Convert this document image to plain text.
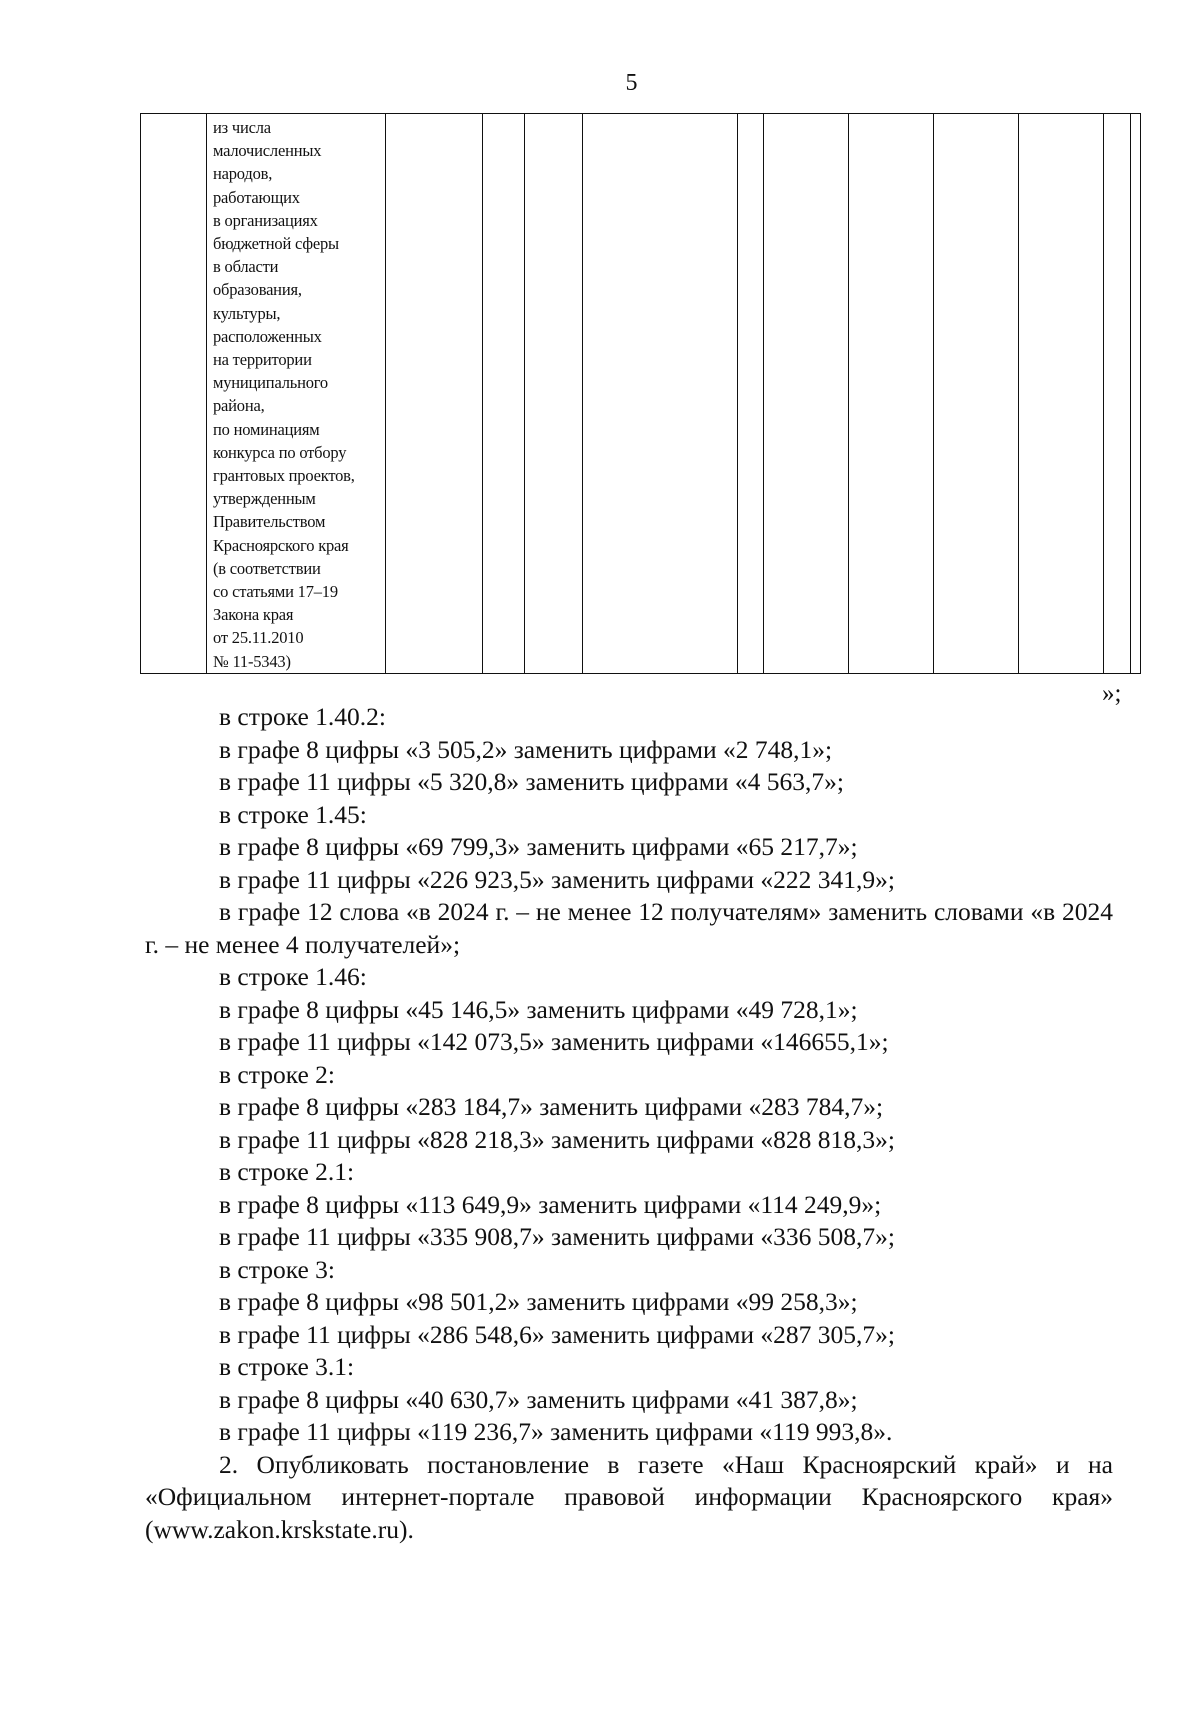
5

из числа
малочисленных
народов,
работающих
в организациях
бюджетной сферы
в области
образования,
культуры,
расположенных
на территории
муниципального
района,
по номинациям
конкурса по отбору
грантовых проектов,
утвержденным
Правительством
Красноярского края
(в соответствии
со статьями 17–19
Закона края
от 25.11.2010
№ 11-5343)

»;

в строке 1.40.2:

в графе 8 цифры «3 505,2» заменить цифрами «2 748,1»;

в графе 11 цифры «5 320,8» заменить цифрами «4 563,7»;

в строке 1.45:

в графе 8 цифры «69 799,3» заменить цифрами «65 217,7»;

в графе 11 цифры «226 923,5» заменить цифрами «222 341,9»;

в графе 12 слова «в 2024 г. – не менее 12 получателям» заменить словами «в 2024 г. – не менее 4 получателей»;

в строке 1.46:

в графе 8 цифры «45 146,5» заменить цифрами «49 728,1»;

в графе 11 цифры «142 073,5» заменить цифрами «146655,1»;

в строке 2:

в графе 8 цифры «283 184,7» заменить цифрами «283 784,7»;

в графе 11 цифры «828 218,3» заменить цифрами «828 818,3»;

в строке 2.1:

в графе 8 цифры «113 649,9» заменить цифрами «114 249,9»;

в графе 11 цифры «335 908,7» заменить цифрами «336 508,7»;

в строке 3:

в графе 8 цифры «98 501,2» заменить цифрами «99 258,3»;

в графе 11 цифры «286 548,6» заменить цифрами «287 305,7»;

в строке 3.1:

в графе 8 цифры «40 630,7» заменить цифрами «41 387,8»;

в графе 11 цифры «119 236,7» заменить цифрами «119 993,8».

2. Опубликовать постановление в газете «Наш Красноярский край» и на «Официальном интернет-портале правовой информации Красноярского края» (www.zakon.krskstate.ru).
